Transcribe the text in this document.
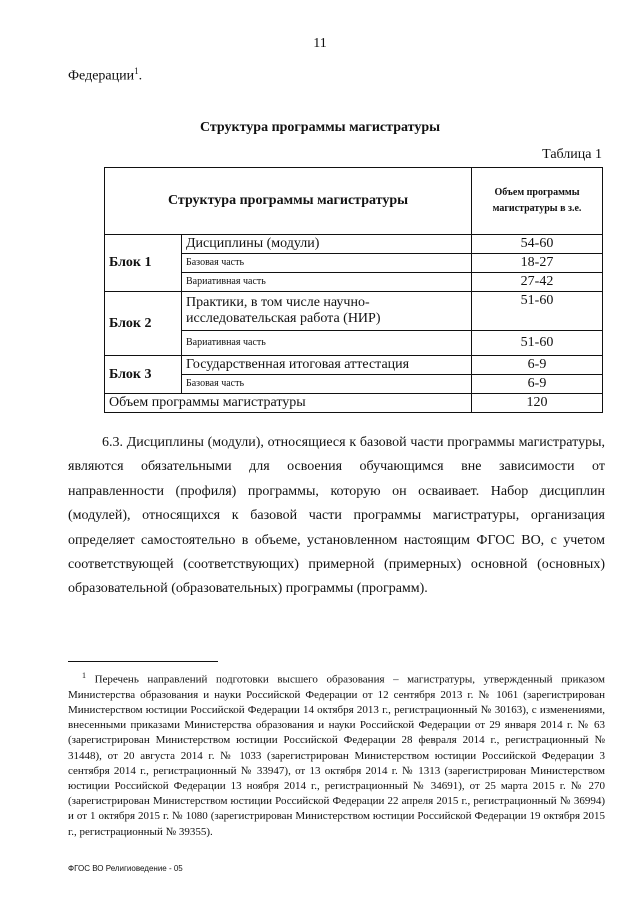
11
Федерации$^1$.
Структура программы магистратуры
Таблица 1
Структура программы магистратуры		Объем программы магистратуры в з.е.
Блок 1	Дисциплины (модули)	54-60
	Базовая часть	18-27
	Вариативная часть	27-42
Блок 2	Практики, в том числе научно-исследовательская работа (НИР)	51-60
	Вариативная часть	51-60
Блок 3	Государственная итоговая аттестация	6-9
	Базовая часть	6-9
Объем программы магистратуры		120
6.3. Дисциплины (модули), относящиеся к базовой части программы магистратуры, являются обязательными для освоения обучающимся вне зависимости от направленности (профиля) программы, которую он осваивает. Набор дисциплин (модулей), относящихся к базовой части программы магистратуры, организация определяет самостоятельно в объеме, установленном настоящим ФГОС ВО, с учетом соответствующей (соответствующих) примерной (примерных) основной (основных) образовательной (образовательных) программы (программ).
$^1$ Перечень направлений подготовки высшего образования – магистратуры, утвержденный приказом Министерства образования и науки Российской Федерации от 12 сентября 2013 г. № 1061 (зарегистрирован Министерством юстиции Российской Федерации 14 октября 2013 г., регистрационный № 30163), с изменениями, внесенными приказами Министерства образования и науки Российской Федерации от 29 января 2014 г. № 63 (зарегистрирован Министерством юстиции Российской Федерации 28 февраля 2014 г., регистрационный № 31448), от 20 августа 2014 г. № 1033 (зарегистрирован Министерством юстиции Российской Федерации 3 сентября 2014 г., регистрационный № 33947), от 13 октября 2014 г. № 1313 (зарегистрирован Министерством юстиции Российской Федерации 13 ноября 2014 г., регистрационный № 34691), от 25 марта 2015 г. № 270 (зарегистрирован Министерством юстиции Российской Федерации 22 апреля 2015 г., регистрационный № 36994) и от 1 октября 2015 г. № 1080 (зарегистрирован Министерством юстиции Российской Федерации 19 октября 2015 г., регистрационный № 39355).
ФГОС ВО Религиоведение - 05
